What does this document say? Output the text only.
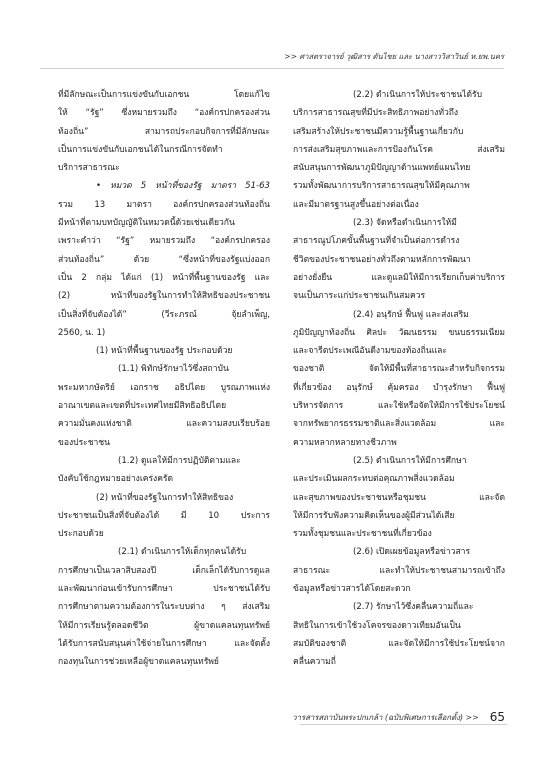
>> ศาสตราจารย์ วุฒิสาร ตันไชย และ นางสาววิสาวินย์ ห.ยพ.นคร
ที่มีลักษณะเป็นการแข่งขันกับเอกชน โดยแก้ไข
ให้ “รัฐ” ซึ่งหมายรวมถึง “องค์กรปกครองส่วน
ท้องถิ่น” สามารถประกอบกิจการที่มีลักษณะ
เป็นการแข่งขันกับเอกชนได้ในกรณีการจัดทำ
บริการสาธารณะ
• หมวด 5 หน้าที่ของรัฐ มาตรา 51-63
รวม 13 มาตรา องค์กรปกครองส่วนท้องถิ่น
มีหน้าที่ตามบทบัญญัติในหมวดนี้ด้วยเช่นเดียวกัน
เพราะคำว่า “รัฐ” หมายรวมถึง “องค์กรปกครอง
ส่วนท้องถิ่น” ด้วย “ซึ่งหน้าที่ของรัฐแบ่งออก
เป็น 2 กลุ่ม ได้แก่ (1) หน้าที่พื้นฐานของรัฐ และ
(2) หน้าที่ของรัฐในการทำให้สิทธิของประชาชน
เป็นสิ่งที่จับต้องได้” (วีระภรณ์ จุ้ยลำเพ็ญ,
2560, น. 1)
(1) หน้าที่พื้นฐานของรัฐ ประกอบด้วย
(1.1) พิทักษ์รักษาไว้ซึ่งสถาบัน
พระมหากษัตริย์ เอกราช อธิปไตย บูรณภาพแห่ง
อาณาเขตและเขตที่ประเทศไทยมีสิทธิอธิปไตย
ความมั่นคงแห่งชาติ และความสงบเรียบร้อย
ของประชาชน
(1.2) ดูแลให้มีการปฏิบัติตามและ
บังคับใช้กฎหมายอย่างเคร่งครัด
(2) หน้าที่ของรัฐในการทำให้สิทธิของ
ประชาชนเป็นสิ่งที่จับต้องได้ มี 10 ประการ
ประกอบด้วย
(2.1) ดำเนินการให้เด็กทุกคนได้รับ
การศึกษาเป็นเวลาสิบสองปี เด็กเล็กได้รับการดูแล
และพัฒนาก่อนเข้ารับการศึกษา ประชาชนได้รับ
การศึกษาตามความต้องการในระบบต่าง ๆ ส่งเสริม
ให้มีการเรียนรู้ตลอดชีวิต ผู้ขาดแคลนทุนทรัพย์
ได้รับการสนับสนุนค่าใช้จ่ายในการศึกษา และจัดตั้ง
กองทุนในการช่วยเหลือผู้ขาดแคลนทุนทรัพย์
(2.2) ดำเนินการให้ประชาชนได้รับ
บริการสาธารณสุขที่มีประสิทธิภาพอย่างทั่วถึง
เสริมสร้างให้ประชาชนมีความรู้พื้นฐานเกี่ยวกับ
การส่งเสริมสุขภาพและการป้องกันโรค ส่งเสริม
สนับสนุนการพัฒนาภูมิปัญญาด้านแพทย์แผนไทย
รวมทั้งพัฒนาการบริการสาธารณสุขให้มีคุณภาพ
และมีมาตรฐานสูงขึ้นอย่างต่อเนื่อง
(2.3) จัดหรือดำเนินการให้มี
สาธารณูปโภคขั้นพื้นฐานที่จำเป็นต่อการดำรง
ชีวิตของประชาชนอย่างทั่วถึงตามหลักการพัฒนา
อย่างยั่งยืน และดูแลมิให้มีการเรียกเก็บค่าบริการ
จนเป็นภาระแก่ประชาชนเกินสมควร
(2.4) อนุรักษ์ ฟื้นฟู และส่งเสริม
ภูมิปัญญาท้องถิ่น ศิลปะ วัฒนธรรม ขนบธรรมเนียม
และจารีตประเพณีอันดีงามของท้องถิ่นและ
ของชาติ จัดให้มีพื้นที่สาธารณะสำหรับกิจกรรม
ที่เกี่ยวข้อง อนุรักษ์ คุ้มครอง บำรุงรักษา ฟื้นฟู
บริหารจัดการ และใช้หรือจัดให้มีการใช้ประโยชน์
จากทรัพยากรธรรมชาติและสิ่งแวดล้อม และ
ความหลากหลายทางชีวภาพ
(2.5) ดำเนินการให้มีการศึกษา
และประเมินผลกระทบต่อคุณภาพสิ่งแวดล้อม
และสุขภาพของประชาชนหรือชุมชน และจัด
ให้มีการรับฟังความคิดเห็นของผู้มีส่วนได้เสีย
รวมทั้งชุมชนและประชาชนที่เกี่ยวข้อง
(2.6) เปิดเผยข้อมูลหรือข่าวสาร
สาธารณะ และทำให้ประชาชนสามารถเข้าถึง
ข้อมูลหรือข่าวสารได้โดยสะดวก
(2.7) รักษาไว้ซึ่งคลื่นความถี่และ
สิทธิในการเข้าใช้วงโคจรของดาวเทียมอันเป็น
สมบัติของชาติ และจัดให้มีการใช้ประโยชน์จาก
คลื่นความถี่
วารสารสถาบันพระปกเกล้า (ฉบับพิเศษการเลือกตั้ง) >> 65
